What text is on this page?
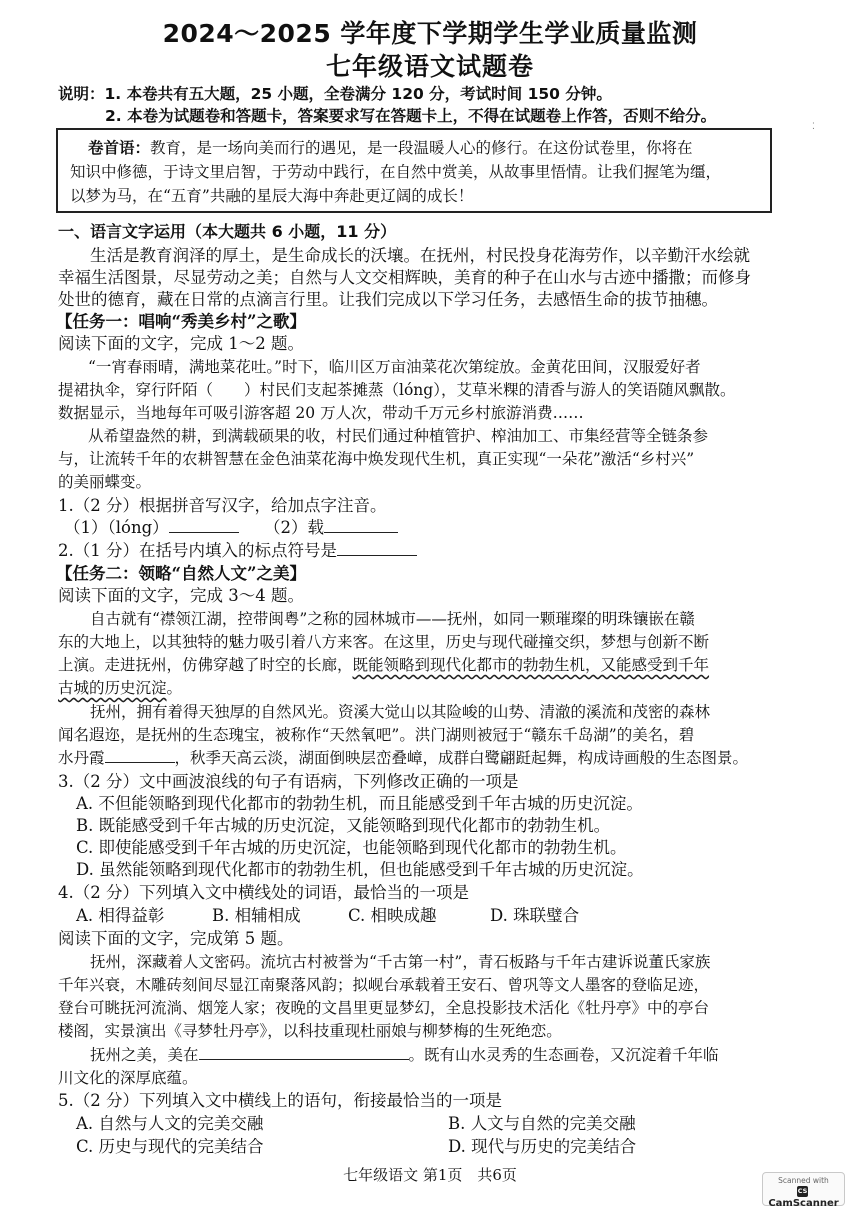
2024～2025 学年度下学期学生学业质量监测
七年级语文试题卷
说明：1. 本卷共有五大题，25 小题，全卷满分 120 分，考试时间 150 分钟。
2. 本卷为试题卷和答题卡，答案要求写在答题卡上，不得在试题卷上作答，否则不给分。
⁚
卷首语：教育，是一场向美而行的遇见，是一段温暖人心的修行。在这份试卷里，你将在
知识中修德，于诗文里启智，于劳动中践行，在自然中赏美，从故事里悟情。让我们握笔为缰，
以梦为马，在“五育”共融的星辰大海中奔赴更辽阔的成长！
一、语言文字运用（本大题共 6 小题，11 分）
生活是教育润泽的厚土，是生命成长的沃壤。在抚州，村民投身花海劳作，以辛勤汗水绘就
幸福生活图景，尽显劳动之美；自然与人文交相辉映，美育的种子在山水与古迹中播撒；而修身
处世的德育，藏在日常的点滴言行里。让我们完成以下学习任务，去感悟生命的拔节抽穗。
【任务一：唱响“秀美乡村”之歌】
阅读下面的文字，完成 1～2 题。
“一宵春雨晴，满地菜花吐。”时下，临川区万亩油菜花次第绽放。金黄花田间，汉服爱好者
提裙执伞，穿行阡陌（　　）村民们支起茶摊蒸（lóng），艾草米粿的清香与游人的笑语随风飘散。
数据显示，当地每年可吸引游客超 20 万人次，带动千万元乡村旅游消费……
从希望盎然的耕，到满载硕果的收，村民们通过种植管护、榨油加工、市集经营等全链条参
与，让流转千年的农耕智慧在金色油菜花海中焕发现代生机，真正实现“一朵花”激活“乡村兴”
的美丽蝶变。
1.（2 分）根据拼音写汉字，给加点字注音。
（1）（lóng）	（2）载
2.（1 分）在括号内填入的标点符号是
【任务二：领略“自然人文”之美】
阅读下面的文字，完成 3～4 题。
自古就有“襟领江湖，控带闽粤”之称的园林城市——抚州，如同一颗璀璨的明珠镶嵌在赣
东的大地上，以其独特的魅力吸引着八方来客。在这里，历史与现代碰撞交织，梦想与创新不断
上演。走进抚州，仿佛穿越了时空的长廊，既能领略到现代化都市的勃勃生机，又能感受到千年
古城的历史沉淀。
抚州，拥有着得天独厚的自然风光。资溪大觉山以其险峻的山势、清澈的溪流和茂密的森林
闻名遐迩，是抚州的生态瑰宝，被称作“天然氧吧”。洪门湖则被冠于“赣东千岛湖”的美名，碧
水丹霞	，秋季天高云淡，湖面倒映层峦叠嶂，成群白鹭翩跹起舞，构成诗画般的生态图景。
3.（2 分）文中画波浪线的句子有语病，下列修改正确的一项是
A. 不但能领略到现代化都市的勃勃生机，而且能感受到千年古城的历史沉淀。
B. 既能感受到千年古城的历史沉淀，又能领略到现代化都市的勃勃生机。
C. 即使能感受到千年古城的历史沉淀，也能领略到现代化都市的勃勃生机。
D. 虽然能领略到现代化都市的勃勃生机，但也能感受到千年古城的历史沉淀。
4.（2 分）下列填入文中横线处的词语，最恰当的一项是
A. 相得益彰	B. 相辅相成	C. 相映成趣	D. 珠联璧合
阅读下面的文字，完成第 5 题。
抚州，深藏着人文密码。流坑古村被誉为“千古第一村”，青石板路与千年古建诉说董氏家族
千年兴衰，木雕砖刻间尽显江南聚落风韵；拟岘台承载着王安石、曾巩等文人墨客的登临足迹，
登台可眺抚河流淌、烟笼人家；夜晚的文昌里更显梦幻，全息投影技术活化《牡丹亭》中的亭台
楼阁，实景演出《寻梦牡丹亭》，以科技重现杜丽娘与柳梦梅的生死绝恋。
抚州之美，美在	。既有山水灵秀的生态画卷，又沉淀着千年临
川文化的深厚底蕴。
5.（2 分）下列填入文中横线上的语句，衔接最恰当的一项是
A. 自然与人文的完美交融	B. 人文与自然的完美交融
C. 历史与现代的完美结合	D. 现代与历史的完美结合
七年级语文 第1页　共6页	Scanned with
CSCamScanner
